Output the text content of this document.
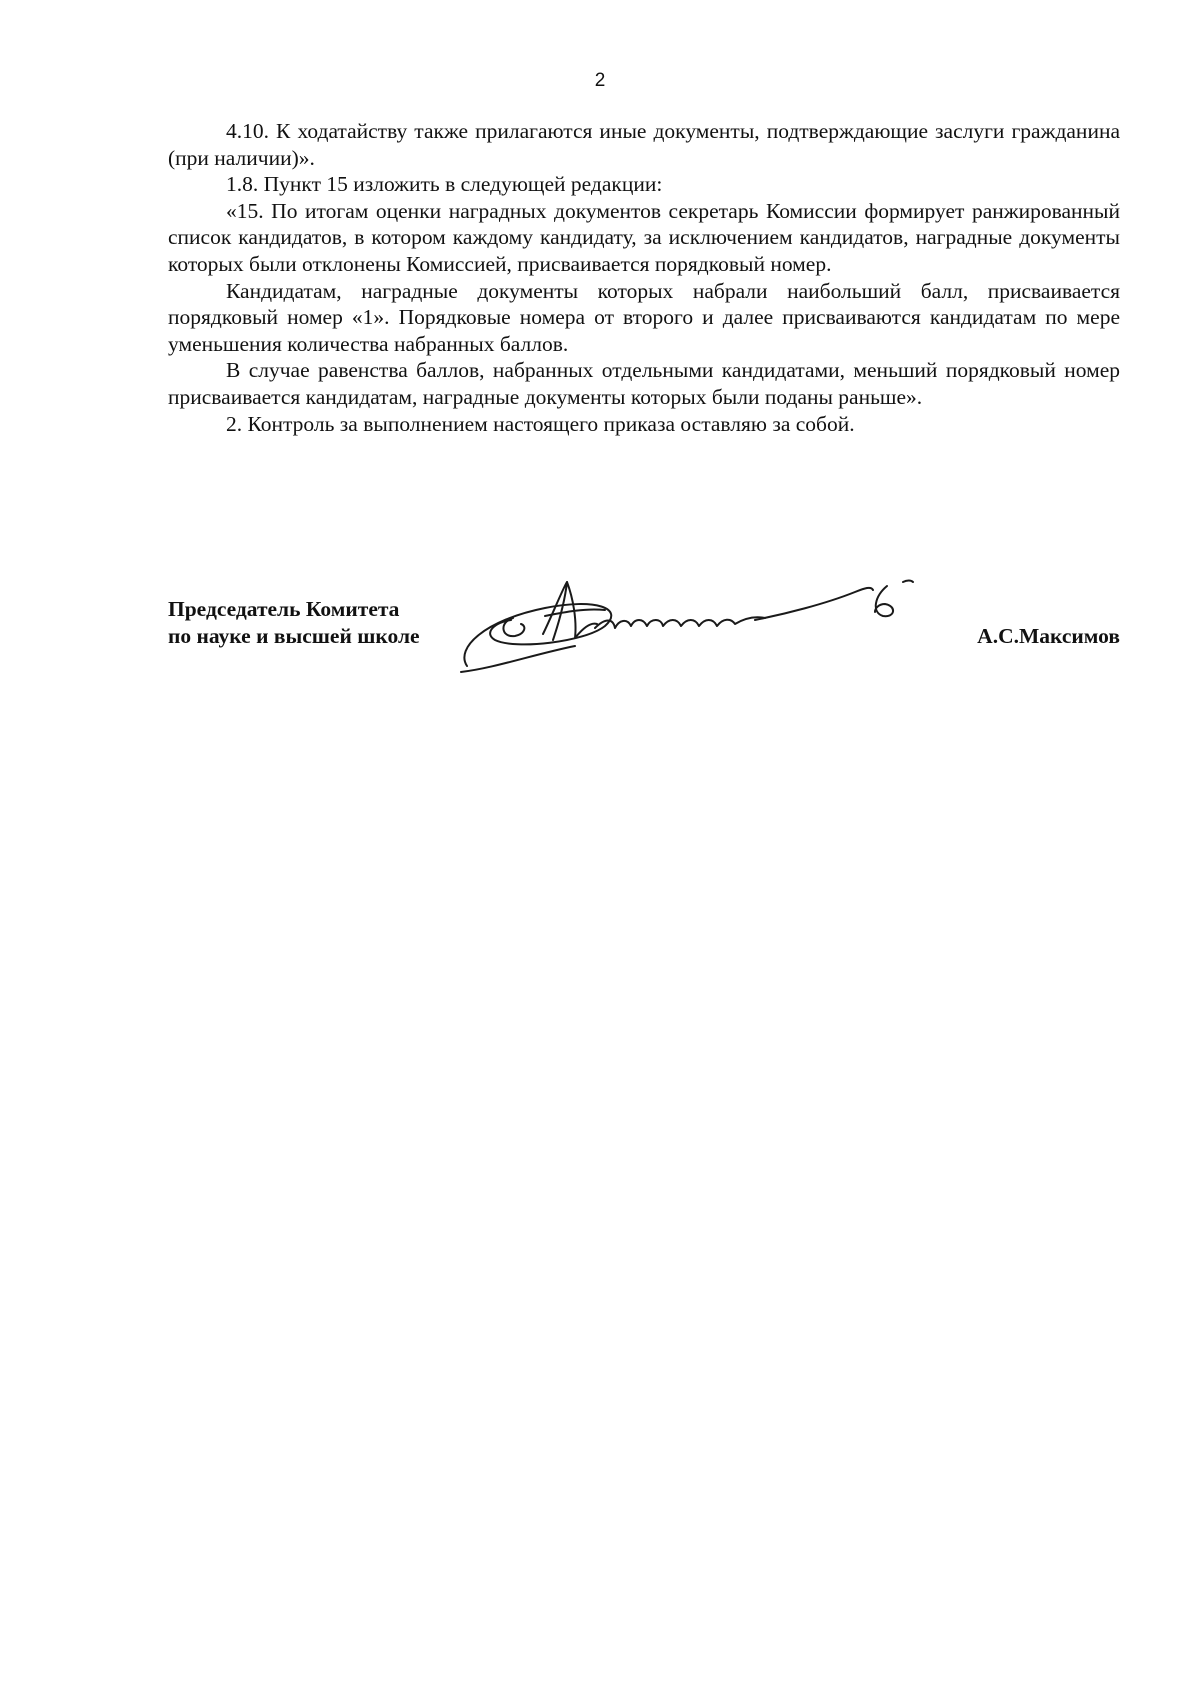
2

4.10. К ходатайству также прилагаются иные документы, подтверждающие заслуги гражданина (при наличии)».

1.8. Пункт 15 изложить в следующей редакции:

«15. По итогам оценки наградных документов секретарь Комиссии формирует ранжированный список кандидатов, в котором каждому кандидату, за исключением кандидатов, наградные документы которых были отклонены Комиссией, присваивается порядковый номер.

Кандидатам, наградные документы которых набрали наибольший балл, присваивается порядковый номер «1». Порядковые номера от второго и далее присваиваются кандидатам по мере уменьшения количества набранных баллов.

В случае равенства баллов, набранных отдельными кандидатами, меньший порядковый номер присваивается кандидатам, наградные документы которых были поданы раньше».

2. Контроль за выполнением настоящего приказа оставляю за собой.

Председатель Комитета
по науке и высшей школе	А.С.Максимов
